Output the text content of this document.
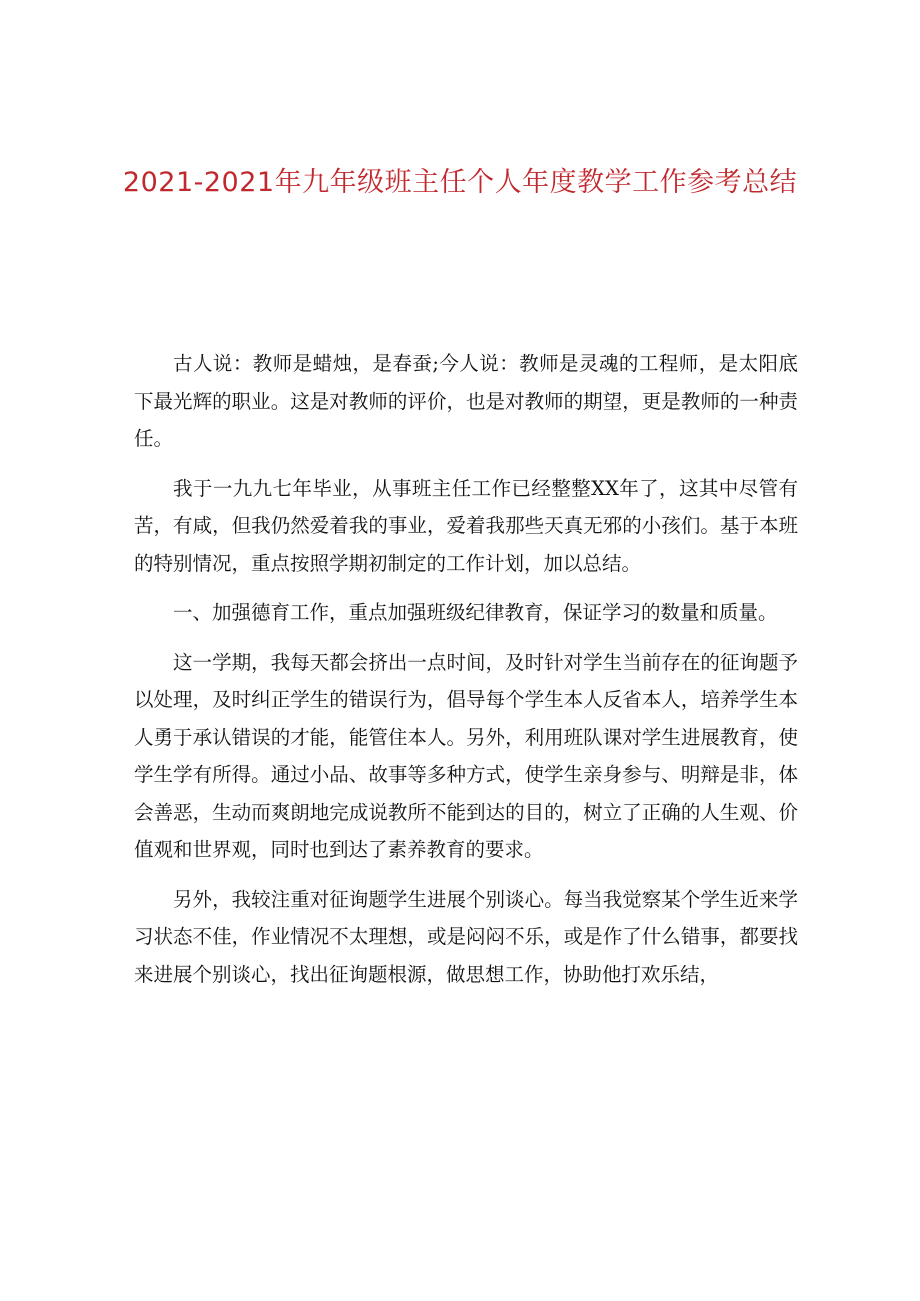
2021-2021年九年级班主任个人年度教学工作参考总结

古人说：教师是蜡烛，是春蚕;今人说：教师是灵魂的工程师，是太阳底下最光辉的职业。这是对教师的评价，也是对教师的期望，更是教师的一种责任。

我于一九九七年毕业，从事班主任工作已经整整XX年了，这其中尽管有苦，有咸，但我仍然爱着我的事业，爱着我那些天真无邪的小孩们。基于本班的特别情况，重点按照学期初制定的工作计划，加以总结。

一、加强德育工作，重点加强班级纪律教育，保证学习的数量和质量。

这一学期，我每天都会挤出一点时间，及时针对学生当前存在的征询题予以处理，及时纠正学生的错误行为，倡导每个学生本人反省本人，培养学生本人勇于承认错误的才能，能管住本人。另外，利用班队课对学生进展教育，使学生学有所得。通过小品、故事等多种方式，使学生亲身参与、明辩是非，体会善恶，生动而爽朗地完成说教所不能到达的目的，树立了正确的人生观、价值观和世界观，同时也到达了素养教育的要求。

另外，我较注重对征询题学生进展个别谈心。每当我觉察某个学生近来学习状态不佳，作业情况不太理想，或是闷闷不乐，或是作了什么错事，都要找来进展个别谈心，找出征询题根源，做思想工作，协助他打欢乐结，
